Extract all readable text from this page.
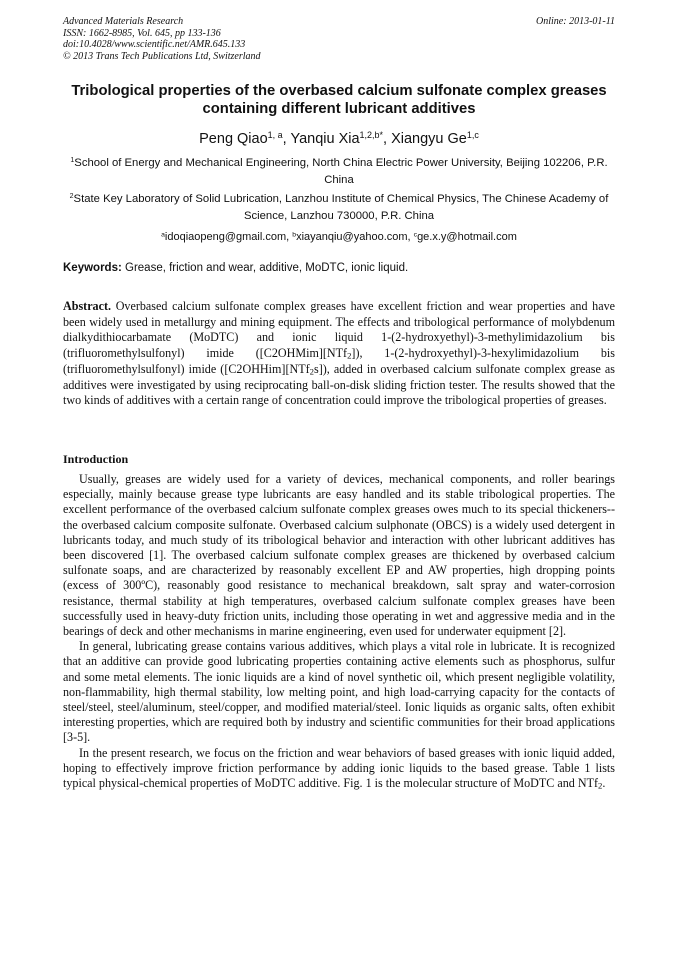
Advanced Materials Research
ISSN: 1662-8985, Vol. 645, pp 133-136
doi:10.4028/www.scientific.net/AMR.645.133
© 2013 Trans Tech Publications Ltd, Switzerland
Online: 2013-01-11
Tribological properties of the overbased calcium sulfonate complex greases containing different lubricant additives
Peng Qiao$^{1, a}$, Yanqiu Xia$^{1,2,b*}$, Xiangyu Ge$^{1,c}$
$^1$School of Energy and Mechanical Engineering, North China Electric Power University, Beijing 102206, P.R. China
$^2$State Key Laboratory of Solid Lubrication, Lanzhou Institute of Chemical Physics, The Chinese Academy of Science, Lanzhou 730000, P.R. China
$^a$idoqiaopeng@gmail.com, $^b$xiayanqiu@yahoo.com, $^c$ge.x.y@hotmail.com
Keywords: Grease, friction and wear, additive, MoDTC, ionic liquid.
Abstract. Overbased calcium sulfonate complex greases have excellent friction and wear properties and have been widely used in metallurgy and mining equipment. The effects and tribological performance of molybdenum dialkydithiocarbamate (MoDTC) and ionic liquid 1-(2-hydroxyethyl)-3-methylimidazolium bis (trifluoromethylsulfonyl) imide ([C2OHMim][NTf$_2$]), 1-(2-hydroxyethyl)-3-hexylimidazolium bis (trifluoromethylsulfonyl) imide ([C2OHHim][NTf$_2$s]), added in overbased calcium sulfonate complex grease as additives were investigated by using reciprocating ball-on-disk sliding friction tester. The results showed that the two kinds of additives with a certain range of concentration could improve the tribological properties of greases.
Introduction

Usually, greases are widely used for a variety of devices, mechanical components, and roller bearings especially, mainly because grease type lubricants are easy handled and its stable tribological properties. The excellent performance of the overbased calcium sulfonate complex greases owes much to its special thickeners--the overbased calcium composite sulfonate. Overbased calcium sulphonate (OBCS) is a widely used detergent in lubricants today, and much study of its tribological behavior and interaction with other lubricant additives has been discovered [1]. The overbased calcium sulfonate complex greases are thickened by overbased calcium sulfonate soaps, and are characterized by reasonably excellent EP and AW properties, high dropping points (excess of 300ºC), reasonably good resistance to mechanical breakdown, salt spray and water-corrosion resistance, thermal stability at high temperatures, overbased calcium sulfonate complex greases have been successfully used in heavy-duty friction units, including those operating in wet and aggressive media and in the bearings of deck and other mechanisms in marine engineering, even used for underwater equipment [2].

In general, lubricating grease contains various additives, which plays a vital role in lubricate. It is recognized that an additive can provide good lubricating properties containing active elements such as phosphorus, sulfur and some metal elements. The ionic liquids are a kind of novel synthetic oil, which present negligible volatility, non-flammability, high thermal stability, low melting point, and high load-carrying capacity for the contacts of steel/steel, steel/aluminum, steel/copper, and modified material/steel. Ionic liquids as organic salts, often exhibit interesting properties, which are required both by industry and scientific communities for their broad applications [3-5].

In the present research, we focus on the friction and wear behaviors of based greases with ionic liquid added, hoping to effectively improve friction performance by adding ionic liquids to the based grease. Table 1 lists typical physical-chemical properties of MoDTC additive. Fig. 1 is the molecular structure of MoDTC and NTf$_2$.
